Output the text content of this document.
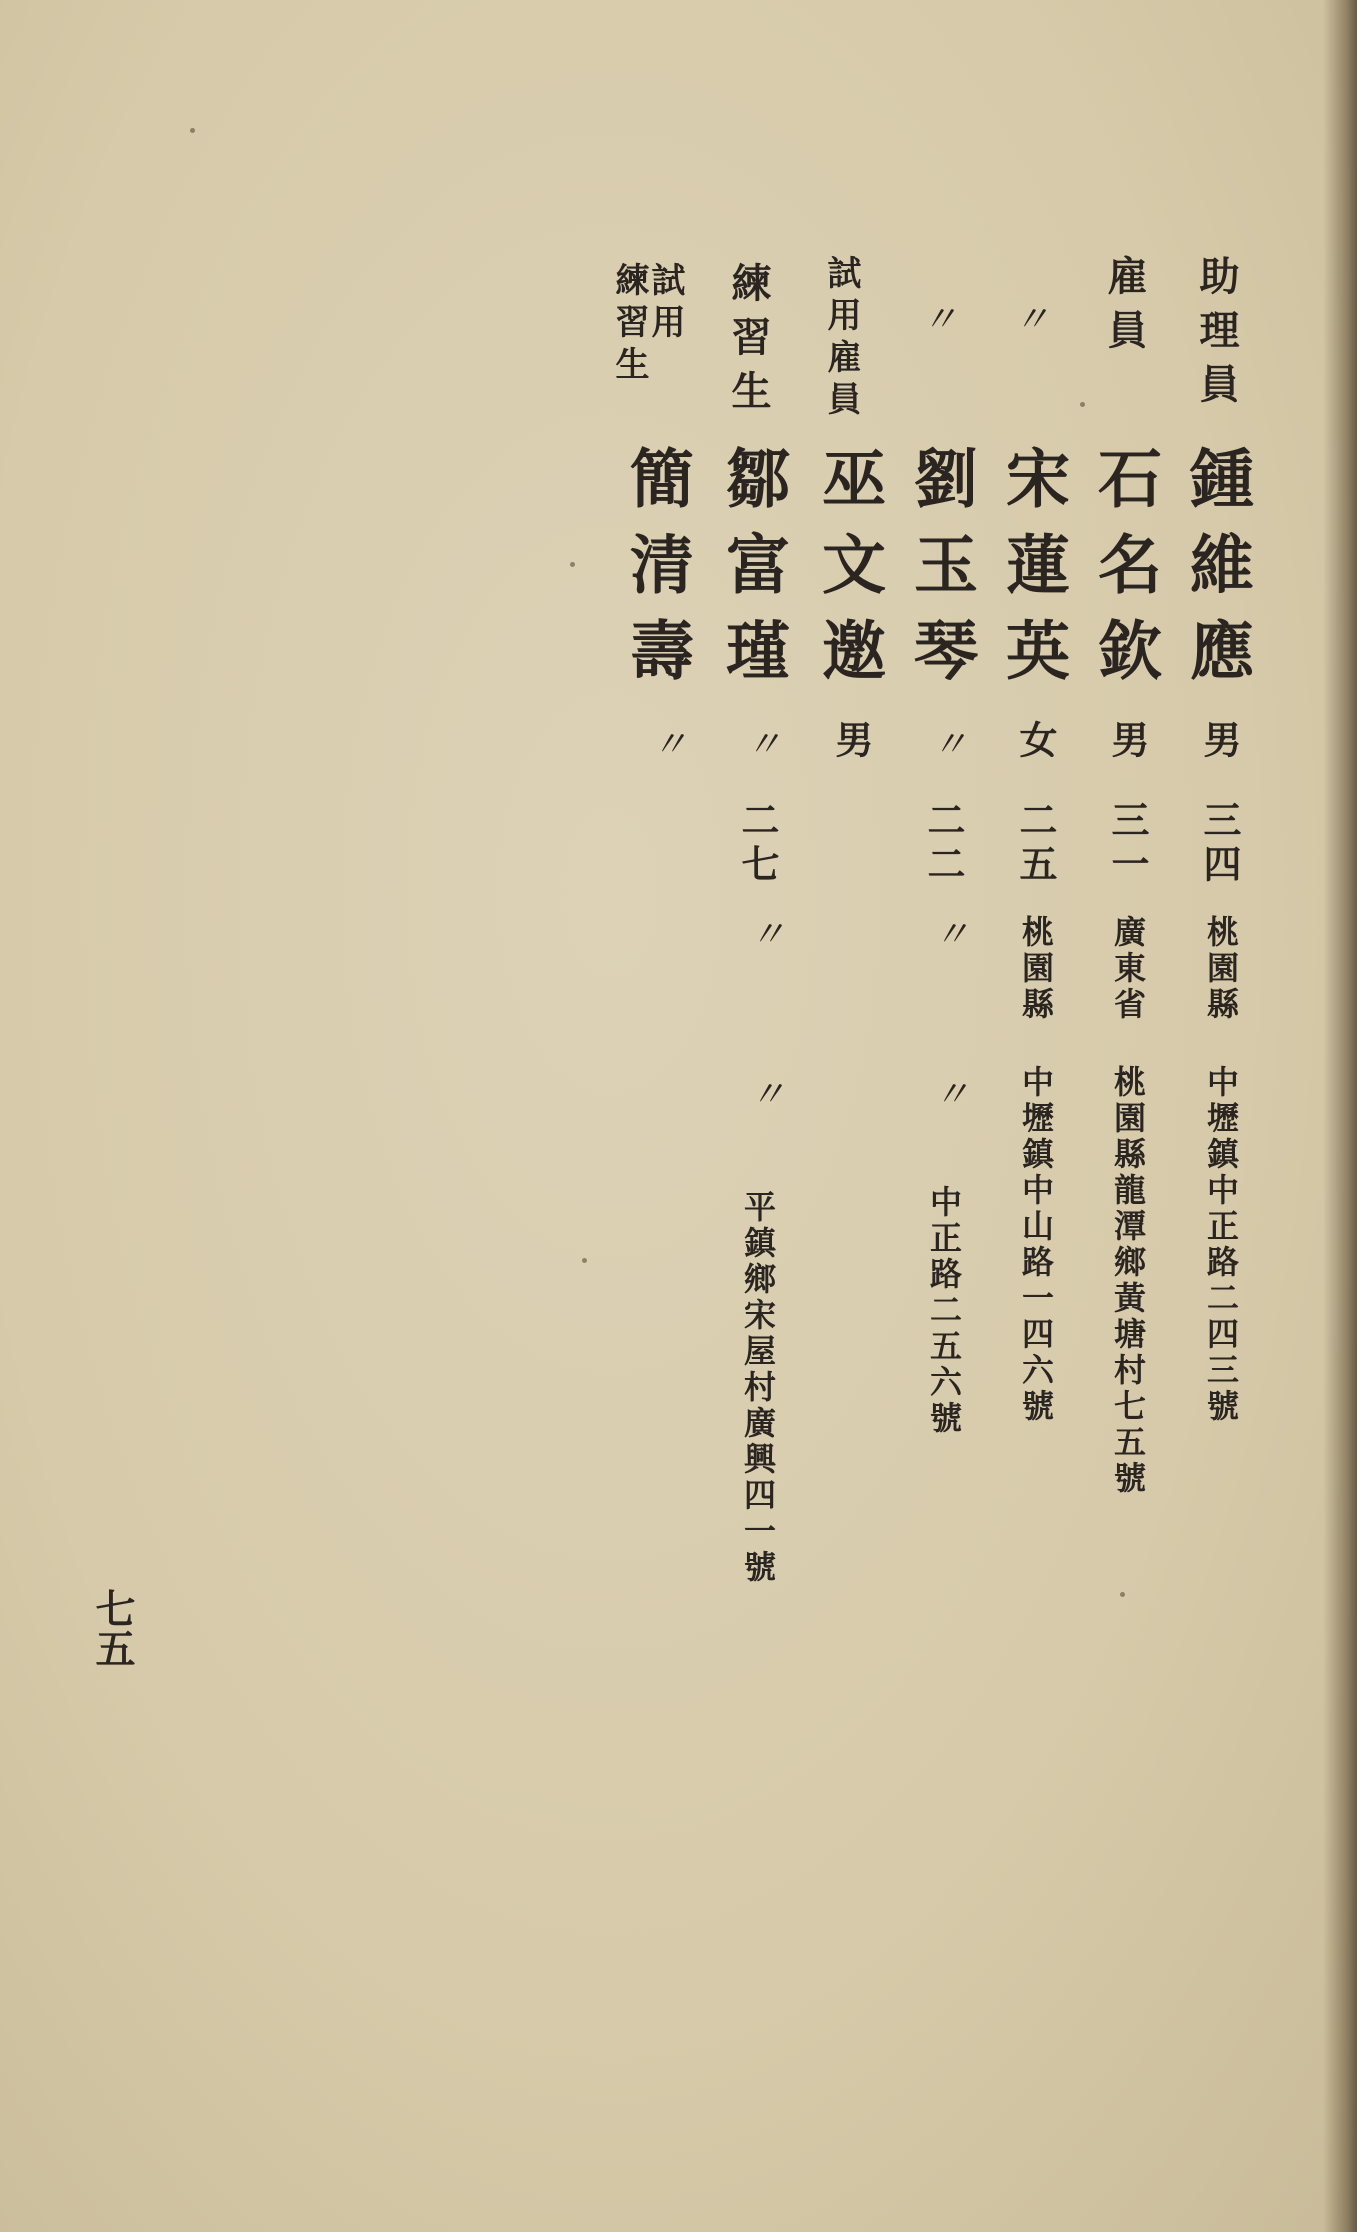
助理員
鍾維應
男
三四
桃園縣
中壢鎮中正路二四三號
雇員
石名欽
男
三一
廣東省
桃園縣龍潭鄉黃塘村七五號
〃
宋蓮英
女
二五
桃園縣
中壢鎮中山路一四六號
〃
劉玉琴
〃
二二
〃
〃
中正路二五六號
試用雇員
巫文邀
男
練習生
鄒富瑾
〃
二七
〃
〃
平鎮鄉宋屋村廣興四一號
試用
練習生
簡清壽
〃
七五
